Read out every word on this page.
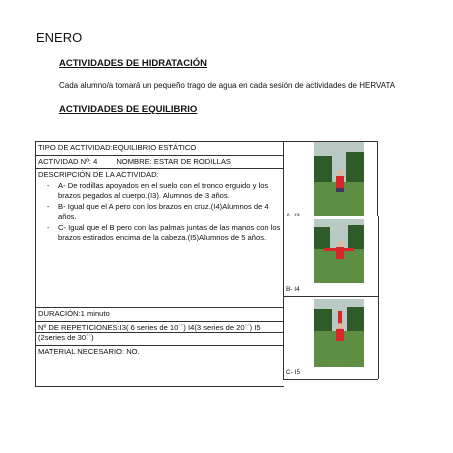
ENERO
ACTIVIDADES DE HIDRATACIÓN
Cada alumno/a tomará un pequeño trago de agua en cada sesión de actividades de HERVATA
ACTIVIDADES DE EQUILIBRIO
TIPO DE ACTIVIDAD:EQUILIBRIO ESTÁTICO	

ACTIVIDAD Nº: 4	NOMBRE: ESTAR DE RODILLAS

DESCRIPCIÓN DE LA ACTIVIDAD:
- A- De rodillas apoyados en el suelo con el tronco erguido y los brazos pegados al cuerpo.(I3). Alumnos de 3 años.
- B- Igual que el A pero con los brazos en cruz.(I4)Alumnos de 4 años.
- C- Igual que el B pero con las palmas juntas de las manos con los brazos estirados encima de la cabeza.(I5)Alumnos de 5 años.
B- I4
C- I5
DURACIÓN:1 minuto
Nº DE REPETICIONES:I3( 6 series de 10´´) I4(3 series de 20´´) I5 (2series de 30´´)
MATERIAL NECESARIO: NO.
